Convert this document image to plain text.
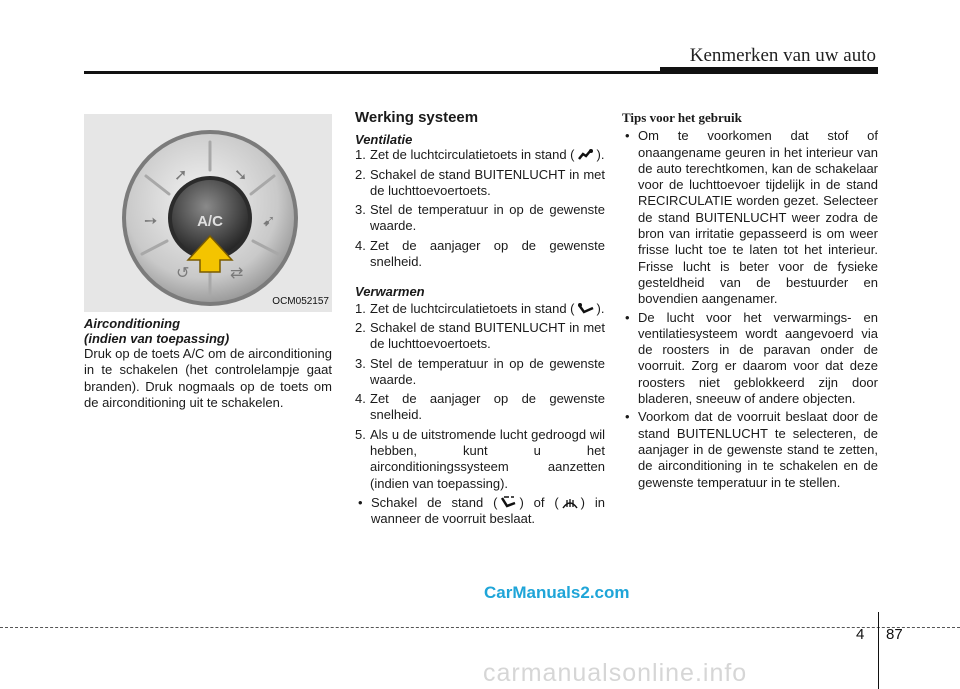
Kenmerken van uw auto
➚	➘
➙	➹
↺	⇄
A/C
OCM052157
Airconditioning
(indien van toepassing)
Druk op de toets A/C om de airconditioning in te schakelen (het controlelampje gaat branden). Druk nogmaals op de toets om de airconditioning uit te schakelen.
Werking systeem
Ventilatie
1. Zet de luchtcirculatietoets in stand ( ).
2. Schakel de stand BUITENLUCHT in met de luchttoevoertoets.
3. Stel de temperatuur in op de gewenste waarde.
4. Zet de aanjager op de gewenste snelheid.
Verwarmen
1. Zet de luchtcirculatietoets in stand ( ).
2. Schakel de stand BUITENLUCHT in met de luchttoevoertoets.
3. Stel de temperatuur in op de gewenste waarde.
4. Zet de aanjager op de gewenste snelheid.
5. Als u de uitstromende lucht gedroogd wil hebben, kunt u het airconditioningssysteem aanzetten (indien van toepassing).
• Schakel de stand ( ) of ( ) in wanneer de voorruit beslaat.
Tips voor het gebruik
• Om te voorkomen dat stof of onaangename geuren in het interieur van de auto terechtkomen, kan de schakelaar voor de luchttoevoer tijdelijk in de stand RECIRCULATIE worden gezet. Selecteer de stand BUITENLUCHT weer zodra de bron van irritatie gepasseerd is om weer frisse lucht toe te laten tot het interieur. Frisse lucht is beter voor de fysieke gesteldheid van de bestuurder en bovendien aangenamer.
• De lucht voor het verwarmings- en ventilatiesysteem wordt aangevoerd via de roosters in de paravan onder de voorruit. Zorg er daarom voor dat deze roosters niet geblokkeerd zijn door bladeren, sneeuw of andere objecten.
• Voorkom dat de voorruit beslaat door de stand BUITENLUCHT te selecteren, de aanjager in de gewenste stand te zetten, de airconditioning in te schakelen en de gewenste temperatuur in te stellen.
CarManuals2.com
4 87
carmanualsonline.info
